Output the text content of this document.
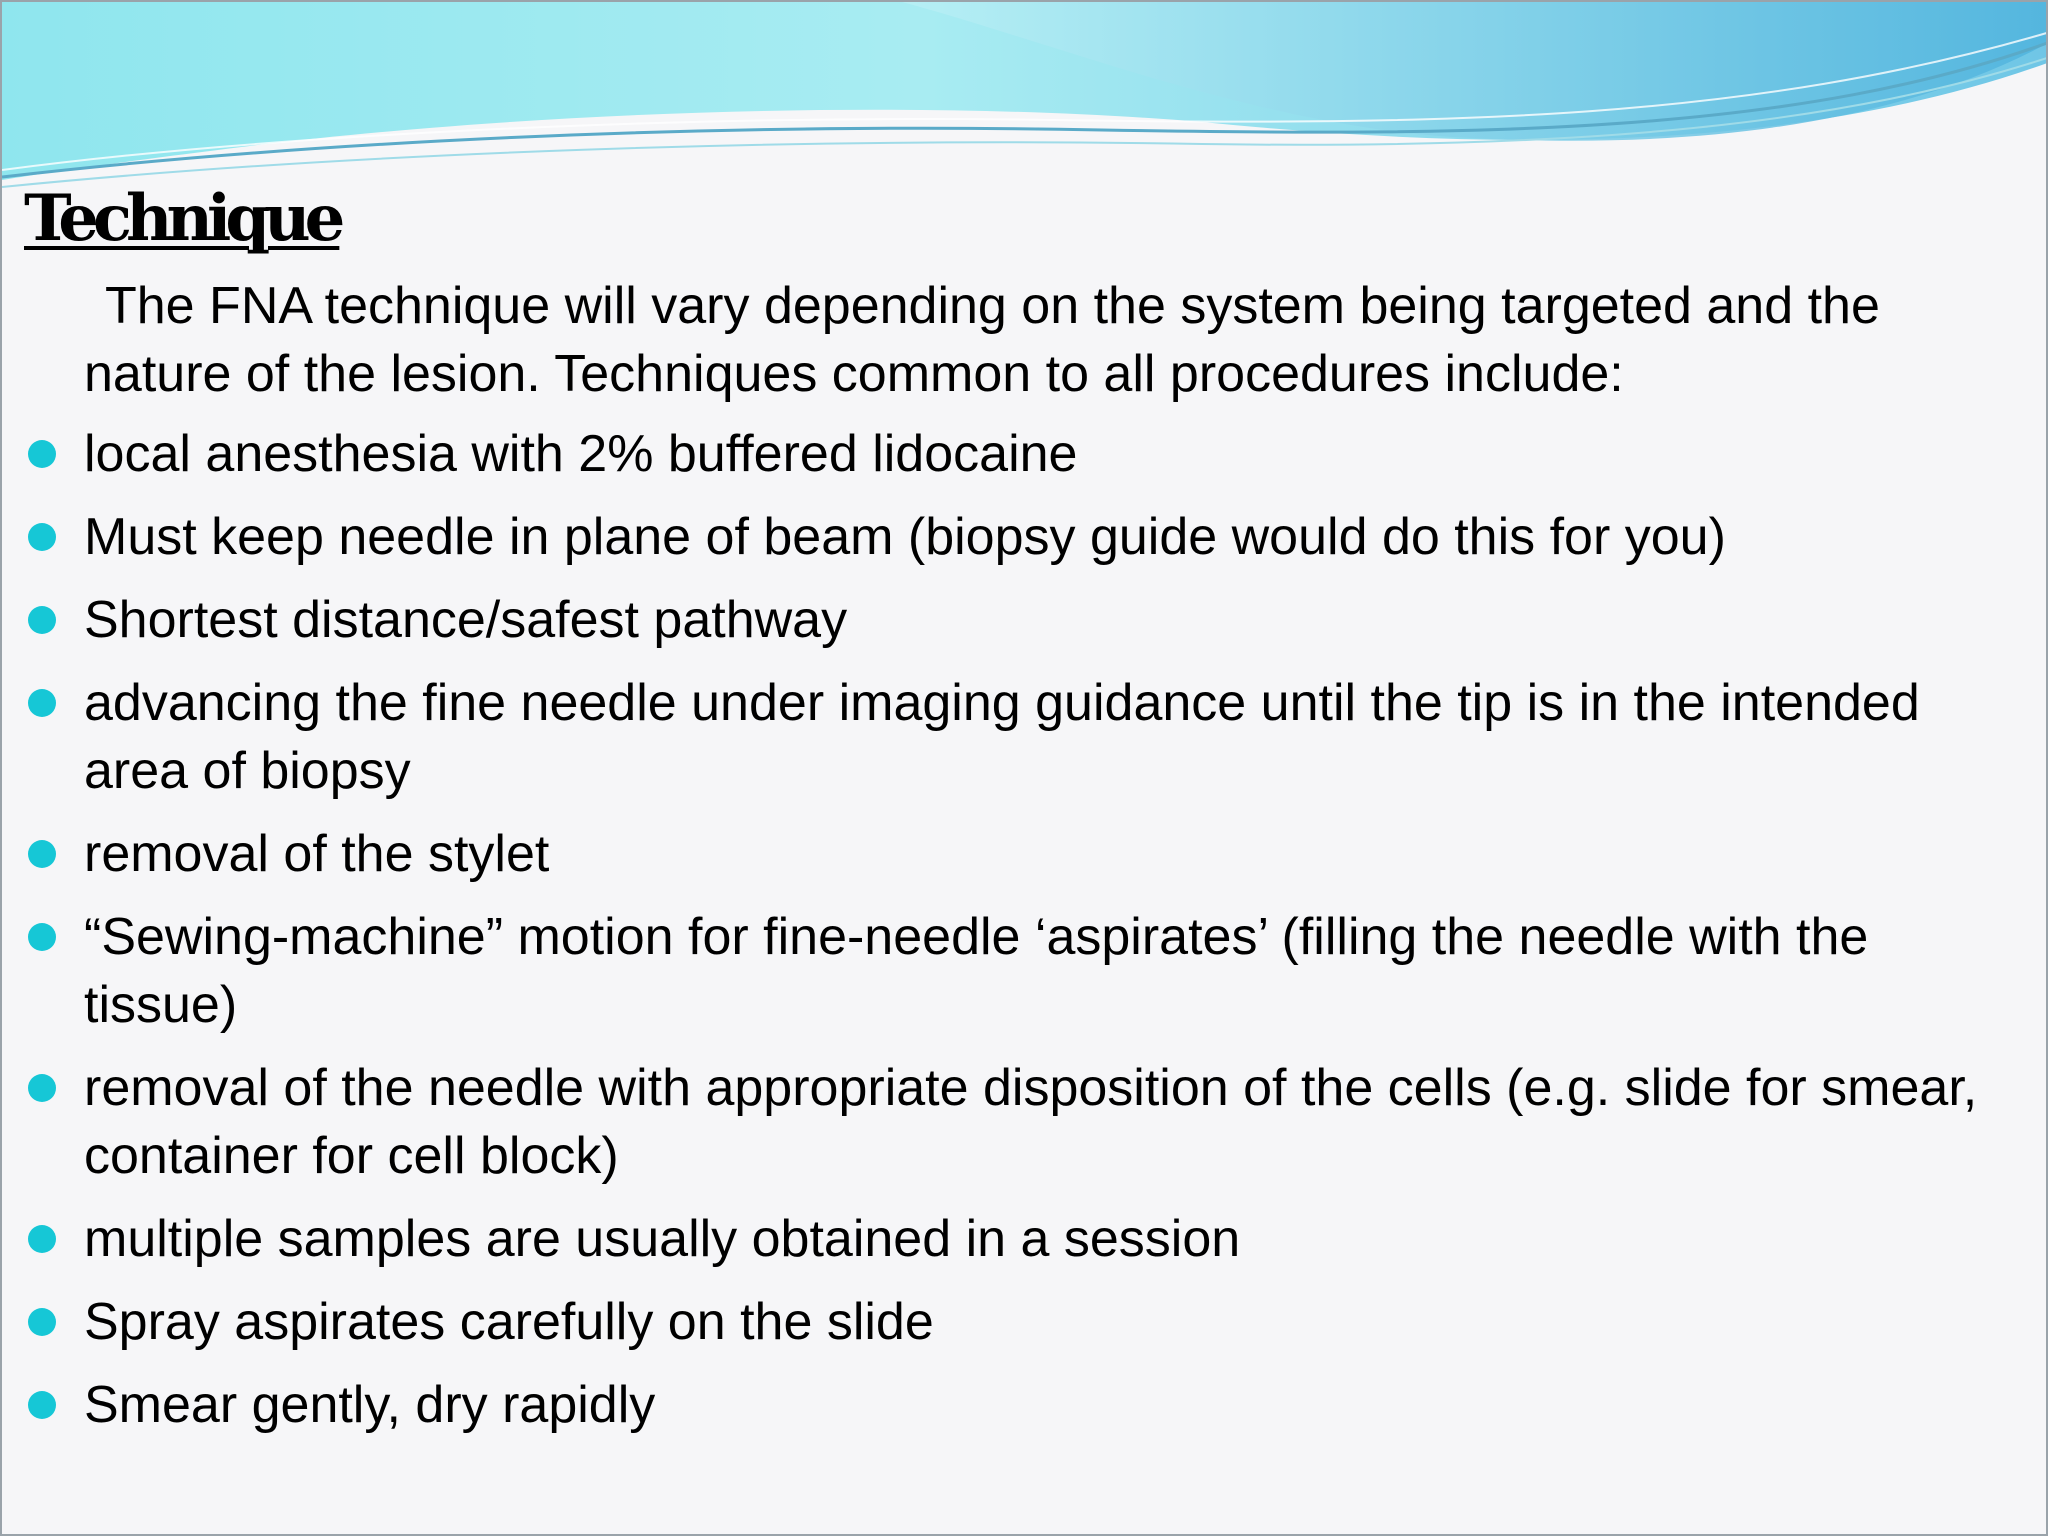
Technique

The FNA technique will vary depending on the system being targeted and the nature of the lesion. Techniques common to all procedures include:

local anesthesia with 2% buffered lidocaine
Must keep needle in plane of beam (biopsy guide would do this for you)
Shortest distance/safest pathway
advancing the fine needle under imaging guidance until the tip is in the intended area of biopsy
removal of the stylet
“Sewing-machine” motion for fine-needle ‘aspirates’ (filling the needle with the tissue)
removal of the needle with appropriate disposition of the cells (e.g. slide for smear, container for cell block)
multiple samples are usually obtained in a session
Spray aspirates carefully on the slide
Smear gently, dry rapidly
